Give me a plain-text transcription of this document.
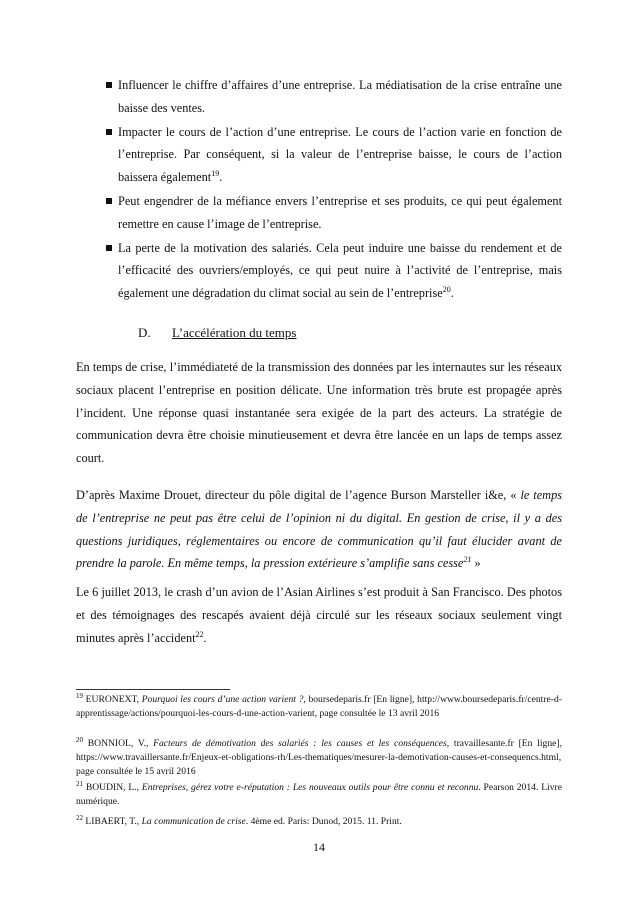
Influencer le chiffre d’affaires d’une entreprise. La médiatisation de la crise entraîne une baisse des ventes.
Impacter le cours de l’action d’une entreprise. Le cours de l’action varie en fonction de l’entreprise. Par conséquent, si la valeur de l’entreprise baisse, le cours de l’action baissera également$^{19}$.
Peut engendrer de la méfiance envers l’entreprise et ses produits, ce qui peut également remettre en cause l’image de l’entreprise.
La perte de la motivation des salariés. Cela peut induire une baisse du rendement et de l’efficacité des ouvriers/employés, ce qui peut nuire à l’activité de l’entreprise, mais également une dégradation du climat social au sein de l’entreprise$^{20}$.
D. L’accélération du temps
En temps de crise, l’immédiateté de la transmission des données par les internautes sur les réseaux sociaux placent l’entreprise en position délicate. Une information très brute est propagée après l’incident. Une réponse quasi instantanée sera exigée de la part des acteurs. La stratégie de communication devra être choisie minutieusement et devra être lancée en un laps de temps assez court.
D’après Maxime Drouet, directeur du pôle digital de l’agence Burson Marsteller i&e, « le temps de l’entreprise ne peut pas être celui de l’opinion ni du digital. En gestion de crise, il y a des questions juridiques, réglementaires ou encore de communication qu’il faut élucider avant de prendre la parole. En même temps, la pression extérieure s’amplifie sans cesse$^{21}$ »
Le 6 juillet 2013, le crash d’un avion de l’Asian Airlines s’est produit à San Francisco. Des photos et des témoignages des rescapés avaient déjà circulé sur les réseaux sociaux seulement vingt minutes après l’accident$^{22}$.
$^{19}$ EURONEXT, Pourquoi les cours d’une action varient ?, boursedeparis.fr [En ligne], http://www.boursedeparis.fr/centre-d-apprentissage/actions/pourquoi-les-cours-d-une-action-varient, page consultée le 13 avril 2016
$^{20}$ BONNIOL, V., Facteurs de démotivation des salariés : les causes et les conséquences, travaillesante.fr [En ligne], https://www.travaillersante.fr/Enjeux-et-obligations-rh/Les-thematiques/mesurer-la-demotivation-causes-et-consequencs.html, page consultée le 15 avril 2016
$^{21}$ BOUDIN, L., Entreprises, gérez votre e-réputation : Les nouveaux outils pour être connu et reconnu. Pearson 2014. Livre numérique.
$^{22}$ LIBAERT, T., La communication de crise. 4ème ed. Paris: Dunod, 2015. 11. Print.
14
